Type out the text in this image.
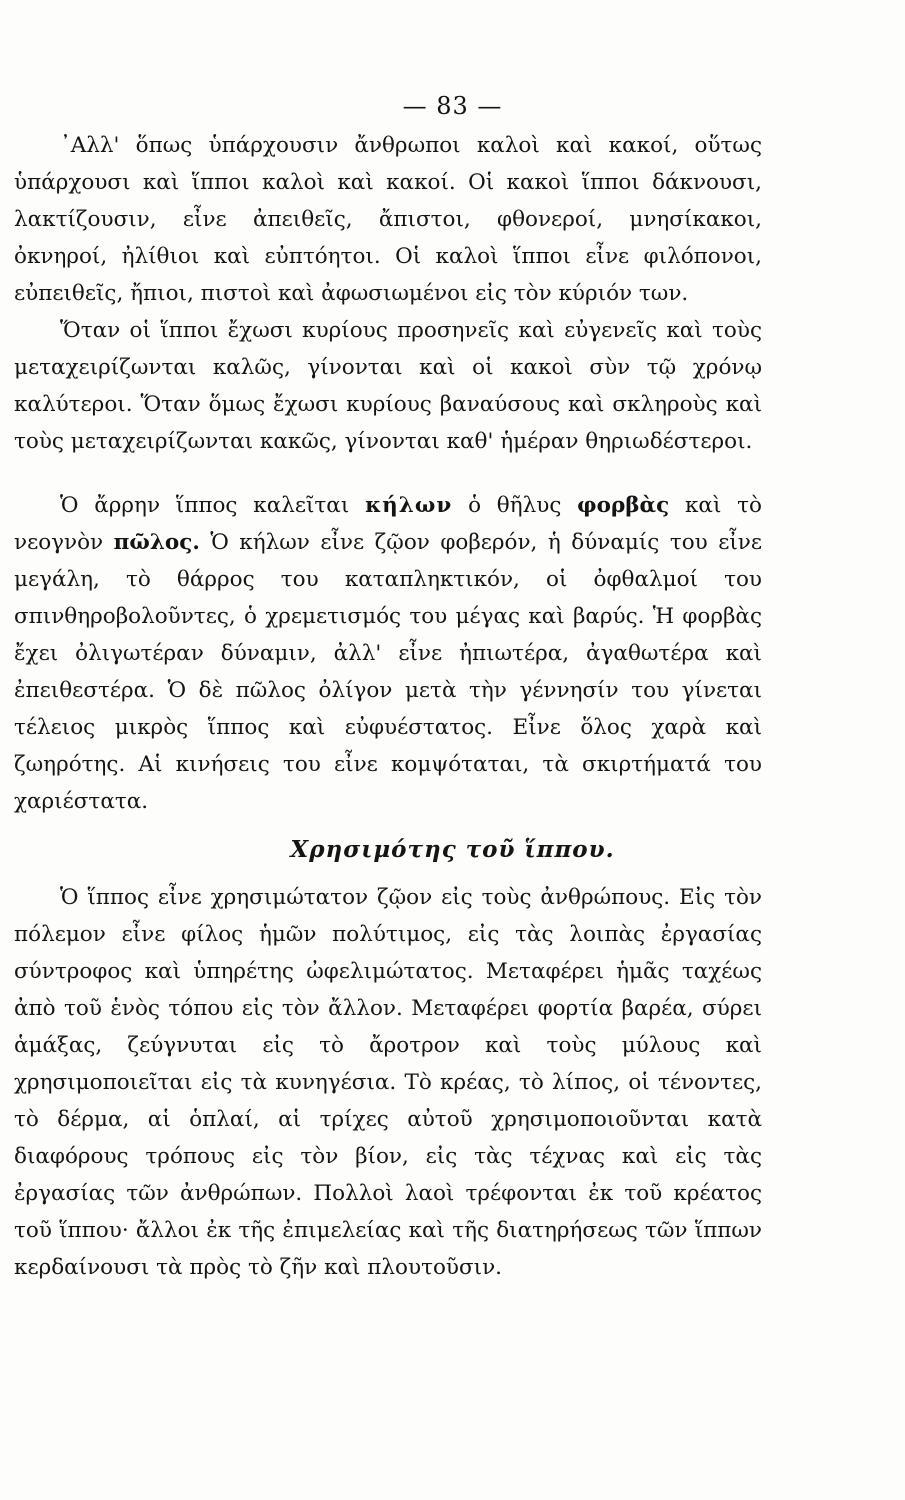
— 83 —

᾿Αλλ' ὅπως ὑπάρχουσιν ἄνθρωποι καλοὶ καὶ κακοί, οὕτως ὑπάρχουσι καὶ ἵπποι καλοὶ καὶ κακοί. Οἱ κακοὶ ἵπποι δάκνουσι, λακτίζουσιν, εἶνε ἀπειθεῖς, ἄπιστοι, φθονεροί, μνησίκακοι, ὀκνηροί, ἠλίθιοι καὶ εὐπτόητοι. Οἱ καλοὶ ἵπποι εἶνε φιλόπονοι, εὐπειθεῖς, ἤπιοι, πιστοὶ καὶ ἀφωσιωμένοι εἰς τὸν κύριόν των.

Ὅταν οἱ ἵπποι ἔχωσι κυρίους προσηνεῖς καὶ εὐγενεῖς καὶ τοὺς μεταχειρίζωνται καλῶς, γίνονται καὶ οἱ κακοὶ σὺν τῷ χρόνῳ καλύτεροι. Ὅταν ὅμως ἔχωσι κυρίους βαναύσους καὶ σκληροὺς καὶ τοὺς μεταχειρίζωνται κακῶς, γίνονται καθ' ἡμέραν θηριωδέστεροι.

Ὁ ἄρρην ἵππος καλεῖται κήλων ὁ θῆλυς φορβὰς καὶ τὸ νεογνὸν πῶλος. Ὁ κήλων εἶνε ζῷον φοβερόν, ἡ δύναμίς του εἶνε μεγάλη, τὸ θάρρος του καταπληκτικόν, οἱ ὀφθαλμοί του σπινθηροβολοῦντες, ὁ χρεμετισμός του μέγας καὶ βαρύς. Ἡ φορβὰς ἔχει ὀλιγωτέραν δύναμιν, ἀλλ' εἶνε ἠπιωτέρα, ἀγαθωτέρα καὶ ἐπειθεστέρα. Ὁ δὲ πῶλος ὀλίγον μετὰ τὴν γέννησίν του γίνεται τέλειος μικρὸς ἵππος καὶ εὐφυέστατος. Εἶνε ὅλος χαρὰ καὶ ζωηρότης. Αἱ κινήσεις του εἶνε κομψόταται, τὰ σκιρτήματά του χαριέστατα.

Χρησιμότης τοῦ ἵππου.

Ὁ ἵππος εἶνε χρησιμώτατον ζῷον εἰς τοὺς ἀνθρώπους. Εἰς τὸν πόλεμον εἶνε φίλος ἡμῶν πολύτιμος, εἰς τὰς λοιπὰς ἐργασίας σύντροφος καὶ ὑπηρέτης ὠφελιμώτατος. Μεταφέρει ἡμᾶς ταχέως ἀπὸ τοῦ ἑνὸς τόπου εἰς τὸν ἄλλον. Μεταφέρει φορτία βαρέα, σύρει ἁμάξας, ζεύγνυται εἰς τὸ ἄροτρον καὶ τοὺς μύλους καὶ χρησιμοποιεῖται εἰς τὰ κυνηγέσια. Τὸ κρέας, τὸ λίπος, οἱ τένοντες, τὸ δέρμα, αἱ ὁπλαί, αἱ τρίχες αὐτοῦ χρησιμοποιοῦνται κατὰ διαφόρους τρόπους εἰς τὸν βίον, εἰς τὰς τέχνας καὶ εἰς τὰς ἐργασίας τῶν ἀνθρώπων. Πολλοὶ λαοὶ τρέφονται ἐκ τοῦ κρέατος τοῦ ἵππου· ἄλλοι ἐκ τῆς ἐπιμελείας καὶ τῆς διατηρήσεως τῶν ἵππων κερδαίνουσι τὰ πρὸς τὸ ζῆν καὶ πλουτοῦσιν.
